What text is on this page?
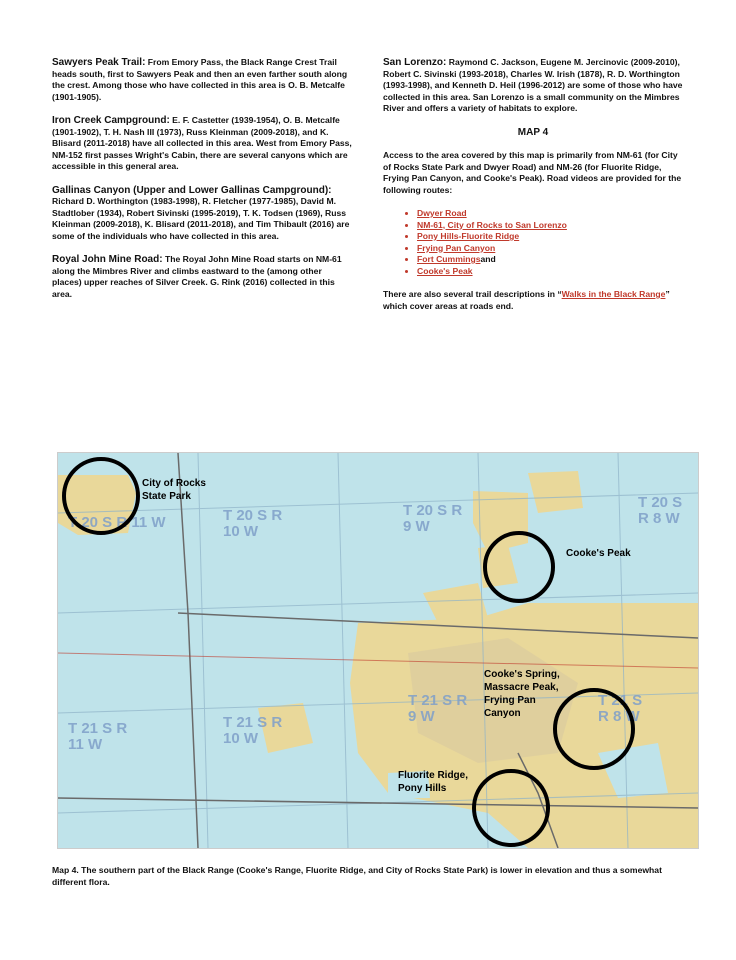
Sawyers Peak Trail: From Emory Pass, the Black Range Crest Trail heads south, first to Sawyers Peak and then an even farther south along the crest. Among those who have collected in this area is O. B. Metcalfe (1901-1905).

Iron Creek Campground: E. F. Castetter (1939-1954), O. B. Metcalfe (1901-1902), T. H. Nash III (1973), Russ Kleinman (2009-2018), and K. Blisard (2011-2018) have all collected in this area. West from Emory Pass, NM-152 first passes Wright's Cabin, there are several canyons which are accessible in this general area.

Gallinas Canyon (Upper and Lower Gallinas Campground): Richard D. Worthington (1983-1998), R. Fletcher (1977-1985), David M. Stadtlober (1934), Robert Sivinski (1995-2019), T. K. Todsen (1969), Russ Kleinman (2009-2018), K. Blisard (2011-2018), and Tim Thibault (2016) are some of the individuals who have collected in this area.

Royal John Mine Road: The Royal John Mine Road starts on NM-61 along the Mimbres River and climbs eastward to the (among other places) upper reaches of Silver Creek. G. Rink (2016) collected in this area.

San Lorenzo: Raymond C. Jackson, Eugene M. Jercinovic (2009-2010), Robert C. Sivinski (1993-2018), Charles W. Irish (1878), R. D. Worthington (1993-1998), and Kenneth D. Heil (1996-2012) are some of those who have collected in this area. San Lorenzo is a small community on the Mimbres River and offers a variety of habitats to explore.

MAP 4

Access to the area covered by this map is primarily from NM-61 (for City of Rocks State Park and Dwyer Road) and NM-26 (for Fluorite Ridge, Frying Pan Canyon, and Cooke's Peak). Road videos are provided for the following routes:

• Dwyer Road
• NM-61, City of Rocks to San Lorenzo
• Pony Hills-Fluorite Ridge
• Frying Pan Canyon
• Fort Cummingsand
• Cooke's Peak

There are also several trail descriptions in “Walks in the Black Range” which cover areas at roads end.

T 20 S R 11 W	T 20 S R 10 W
T 20 S R 9 W
T 20 S R 8 W
T 21 S R 11 W
T 21 S R 10 W
T 21 S R 9 W
T 21 S R 8 W
City of Rocks State Park
Cooke's Peak
Cooke's Spring, Massacre Peak, Frying Pan Canyon
Fluorite Ridge, Pony Hills
Map 4. The southern part of the Black Range (Cooke's Range, Fluorite Ridge, and City of Rocks State Park) is lower in elevation and thus a somewhat different flora.
